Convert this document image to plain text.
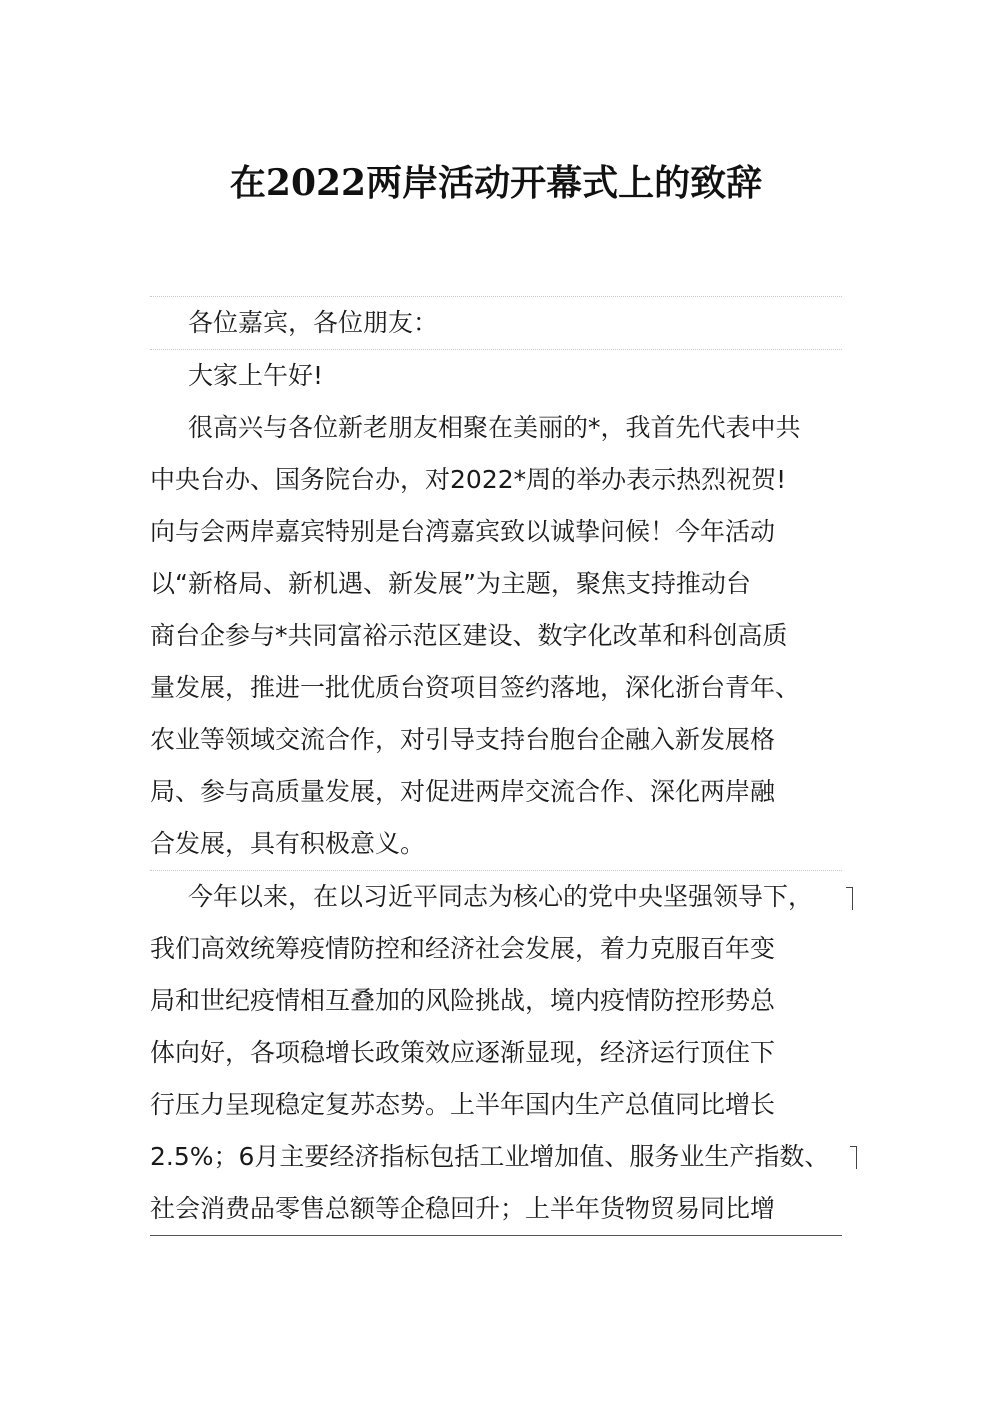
在2022两岸活动开幕式上的致辞
各位嘉宾，各位朋友：
大家上午好!
很高兴与各位新老朋友相聚在美丽的*，我首先代表中共
中央台办、国务院台办，对2022*周的举办表示热烈祝贺!
向与会两岸嘉宾特别是台湾嘉宾致以诚挚问候！今年活动
以“新格局、新机遇、新发展”为主题，聚焦支持推动台
商台企参与*共同富裕示范区建设、数字化改革和科创高质
量发展，推进一批优质台资项目签约落地，深化浙台青年、
农业等领域交流合作，对引导支持台胞台企融入新发展格
局、参与高质量发展，对促进两岸交流合作、深化两岸融
合发展，具有积极意义。
今年以来，在以习近平同志为核心的党中央坚强领导下，
我们高效统筹疫情防控和经济社会发展，着力克服百年变
局和世纪疫情相互叠加的风险挑战，境内疫情防控形势总
体向好，各项稳增长政策效应逐渐显现，经济运行顶住下
行压力呈现稳定复苏态势。上半年国内生产总值同比增长
2.5%；6月主要经济指标包括工业增加值、服务业生产指数、
社会消费品零售总额等企稳回升；上半年货物贸易同比增
